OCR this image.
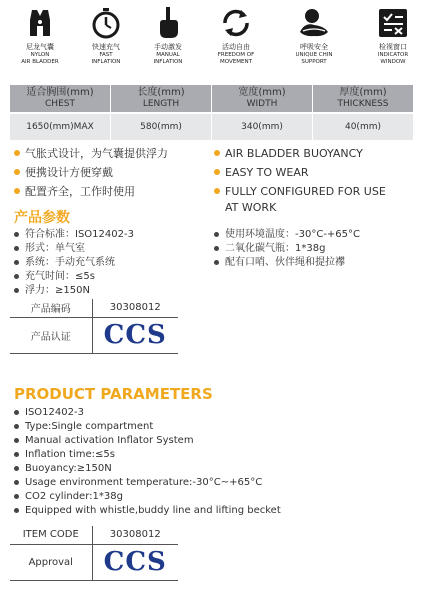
尼龙气囊
NYLON
AIR BLADDER
快速充气
FAST
INFLATION
手动激发
MANUAL
INFLATION
活动自由
FREEDOM OF
MOVEMENT
呼吸安全
UNIQUE CHIN
SUPPORT
检视窗口
INDICATOR
WINDOW
适合胸围(mm)
CHEST
长度(mm)
LENGTH
宽度(mm)
WIDTH
厚度(mm)
THICKNESS
1650(mm)MAX	580(mm)	340(mm)	40(mm)
气胀式设计，为气囊提供浮力
便携设计方便穿戴
配置齐全，工作时使用
AIR BLADDER BUOYANCY
EASY TO WEAR
FULLY CONFIGURED FOR USE
AT WORK
产品参数
符合标准：ISO12402-3
形式：单气室
系统：手动充气系统
充气时间：≤5s
浮力：≥150N
使用环境温度：-30°C-+65°C
二氧化碳气瓶：1*38g
配有口哨、伙伴绳和提拉襻
产品编码	30308012
产品认证	CCS
PRODUCT PARAMETERS
ISO12402-3
Type:Single compartment
Manual activation Inflator System
Inflation time:≤5s
Buoyancy:≥150N
Usage environment temperature:-30°C~+65°C
CO2 cylinder:1*38g
Equipped with whistle,buddy line and lifting becket
ITEM CODE	30308012
Approval	CCS
